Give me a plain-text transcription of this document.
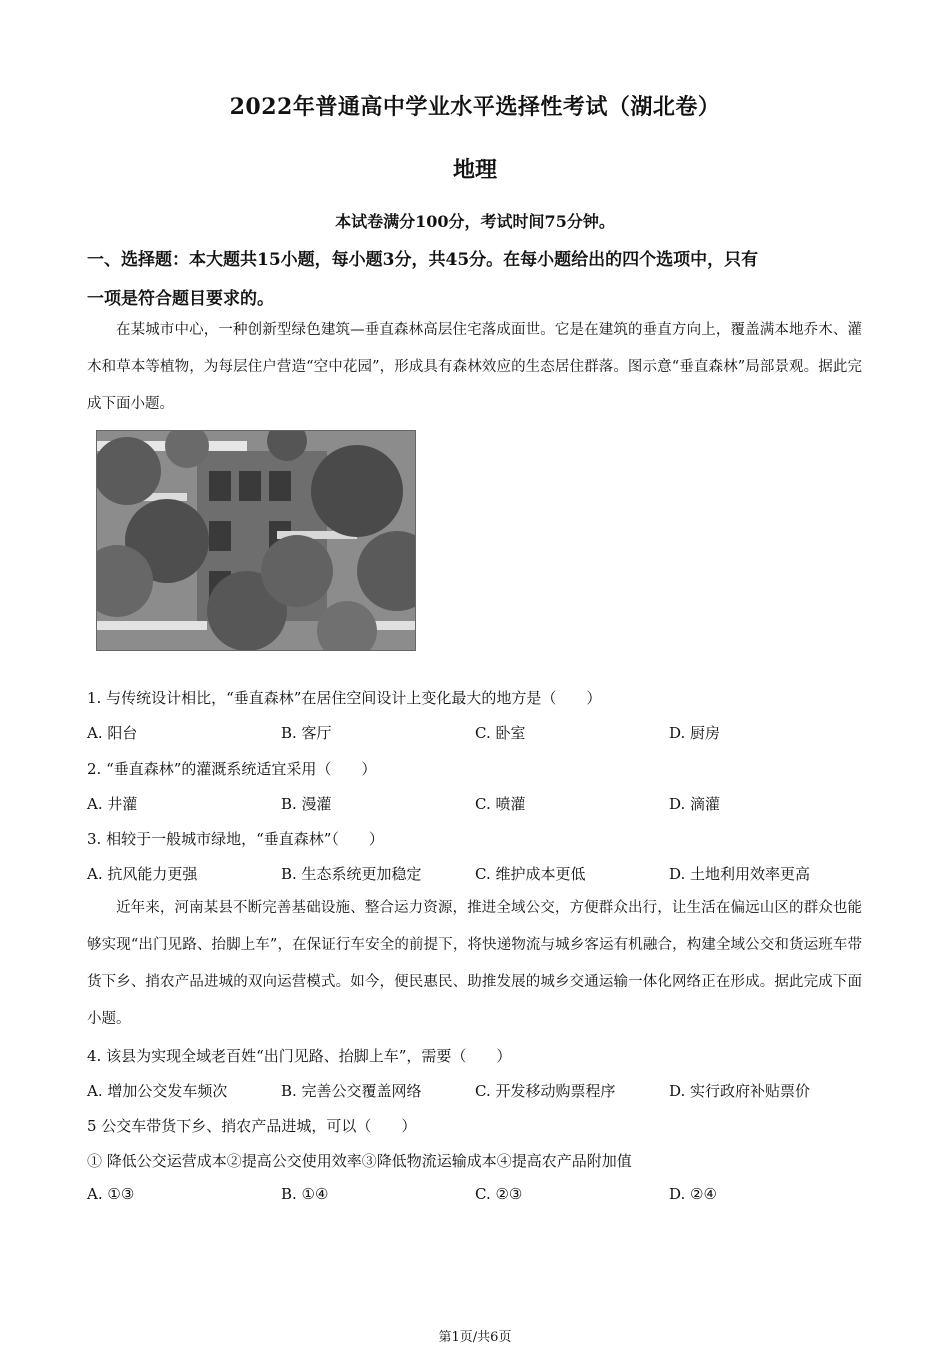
2022年普通高中学业水平选择性考试（湖北卷）
地理
本试卷满分100分，考试时间75分钟。
一、选择题：本大题共15小题，每小题3分，共45分。在每小题给出的四个选项中，只有
一项是符合题目要求的。
在某城市中心，一种创新型绿色建筑—垂直森林高层住宅落成面世。它是在建筑的垂直方向上，覆盖满本地乔木、灌木和草本等植物，为每层住户营造“空中花园”，形成具有森林效应的生态居住群落。图示意“垂直森林”局部景观。据此完成下面小题。
1. 与传统设计相比，“垂直森林”在居住空间设计上变化最大的地方是（　　）
A. 阳台	B. 客厅	C. 卧室	D. 厨房
2. “垂直森林”的灌溉系统适宜采用（　　）
A. 井灌	B. 漫灌	C. 喷灌	D. 滴灌
3. 相较于一般城市绿地，“垂直森林”（　　）
A. 抗风能力更强	B. 生态系统更加稳定	C. 维护成本更低	D. 土地利用效率更高
近年来，河南某县不断完善基础设施、整合运力资源，推进全域公交，方便群众出行，让生活在偏远山区的群众也能够实现“出门见路、抬脚上车”，在保证行车安全的前提下，将快递物流与城乡客运有机融合，构建全域公交和货运班车带货下乡、捎农产品进城的双向运营模式。如今，便民惠民、助推发展的城乡交通运输一体化网络正在形成。据此完成下面小题。
4. 该县为实现全域老百姓“出门见路、抬脚上车”，需要（　　）
A. 增加公交发车频次	B. 完善公交覆盖网络	C. 开发移动购票程序	D. 实行政府补贴票价
5 公交车带货下乡、捎农产品进城，可以（　　）
① 降低公交运营成本②提高公交使用效率③降低物流运输成本④提高农产品附加值
A. ①③	B. ①④	C. ②③	D. ②④
第1页/共6页
